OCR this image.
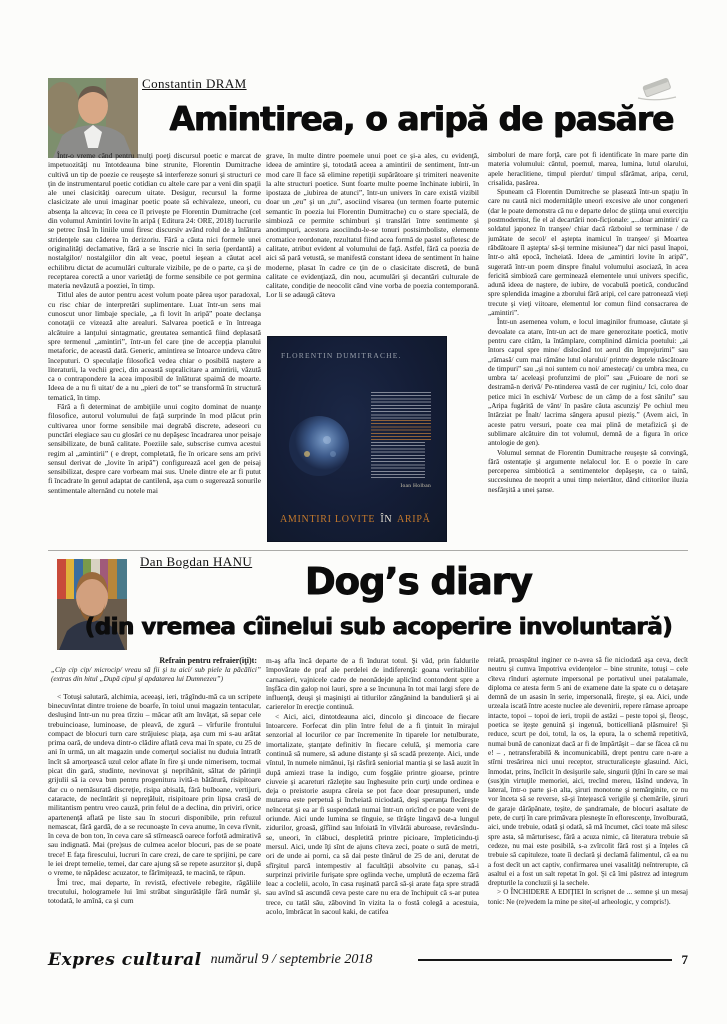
Constantin DRAM
Amintirea, o aripă de pasăre

Într-o vreme când pentru mulţi poeţi discursul poetic e marcat de impetuozităţi nu întotdeauna bine strunite, Florentin Dumitrache cultivă un tip de poezie ce reuşeşte să interfereze sonuri şi structuri ce ţin de instrumentarul poetic cotidian cu altele care par a veni din spaţii ale unei clasicităţi oarecum uitate. Desigur, recursul la forme clasicizate ale unui imaginar poetic poate să echivaleze, uneori, cu absenţa la altceva; în ceea ce îl priveşte pe Florentin Dumitrache (cel din volumul Amintiri lovite în aripă ( Editura 24: ORE, 2018) lucrurile se petrec însă în liniile unui firesc discursiv având rolul de a înlătura stridenţele sau căderea în derizoriu. Fără a căuta nici formele unei originalităţi declamative, fără a se înscrie nici în seria (perdantă) a nostalgilor/ nostalgiilor din alt veac, poetul ieşean a căutat acel echilibru dictat de acumulări culturale vizibile, pe de o parte, ca şi de receptarea corectă a unor varietăţi de forme sensibile ce pot germina materia nevăzută a poeziei, în timp.

Titlul ales de autor pentru acest volum poate părea uşor paradoxal, cu risc chiar de interpretări suplimentare. Luat într-un sens mai cunoscut unor limbaje speciale, „a fi lovit în aripă” poate declanşa conotaţii ce vizează alte arealuri. Salvarea poetică e în întreaga alcătuire a lanţului sintagmatic, greutatea semantică fiind deplasată spre termenul „amintiri”, într-un fel care ţine de accepţia planului metaforic, de această dată. Generic, amintirea se întoarce undeva către începuturi. O speculaţie filosofică vedea chiar o posibilă naştere a literaturii, la vechii greci, din această supralicitare a amintirii, văzută ca o contrapondere la acea imposibil de înlăturat spaimă de moarte. Ideea de a nu fi uitat/ de a nu „pieri de tot” se transformă în structură tematică, în timp.

Fără a fi determinat de ambiţiile unui cogito dominat de nuanţe filosofice, autorul volumului de faţă surprinde în mod plăcut prin cultivarea unor forme sensibile mai degrabă discrete, adeseori cu punctări elegiace sau cu glosări ce nu depăşesc încadrarea unor peisaje sensibilizate, de bună calitate. Poeziile sale, subscrise cumva acestui regim al „amintirii” ( e drept, completată, fie în oricare sens am privi sensul derivat de „lovite în aripă”) configurează acel gen de peisaj sensibilizat, despre care vorbeam mai sus. Unele dintre ele ar fi putut fi încadrate în genul adaptat de cantilenă, aşa cum o sugerează sonurile sentimentale alternând cu notele mai

grave, în multe dintre poemele unui poet ce şi-a ales, cu evidenţă, ideea de amintire şi, totodată aceea a amintirii de sentiment, într-un mod care îl face să elimine repetiţii supărătoare şi trimiteri neavenite la alte structuri poetice. Sunt foarte multe poeme închinate iubirii, în ipostaza de „iubirea de atunci”, într-un univers în care există vizibil doar un „eu” şi un „tu”, asociind visarea (un termen foarte puternic semantic în poezia lui Florentin Dumitrache) cu o stare specială, de simbioză ce permite schimburi şi translări între sentimente şi anotimpuri, acestora asociindu-le-se tonuri postsimboliste, elemente cromatice reordonate, rezultatul fiind acea formă de pastel sufletesc de calitate, atribut evident al volumului de faţă. Astfel, fără ca poezia de aici să pară vetustă, se manifestă constant ideea de sentiment în haine moderne, plasat în cadre ce ţin de o clasicitate discretă, de bună calitate ce evidenţiază, din nou, acumulări şi decantări culturale de calitate, condiţie de neocolit când vine vorba de poezia contemporană. Lor li se adaugă câteva

simboluri de mare forţă, care pot fi identificate în mare parte din materia volumului: cântul, poemul, marea, lumina, lutul olarului, apele heraclitiene, timpul pierdut/ timpul sfărâmat, aripa, cerul, crisalida, pasărea.

Spuneam că Florentin Dumitreche se plasează într-un spaţiu în care nu caută nici modernităţile uneori excesive ale unor congeneri (dar le poate demonstra că nu e departe deloc de ştiinţa unui exerciţiu postmodernist, fie el al decartării non-ficţionale: „...doar amintiri/ ca soldatul japonez în tranşee/ chiar dacă războiul se terminase / de jumătate de secol/ el aştepta inamicul în tranşee/ şi Moartea răbdătoare îl aştepta/ să-şi termine misiunea”) dar nici pasul înapoi, într-o altă epocă, încheiată. Ideea de „amintiri lovite în aripă”, sugerată într-un poem dinspre finalul volumului asociază, în acea fericită simbioză care germinează elementele unui univers specific, adună ideea de naştere, de iubire, de vocabulă poetică, conducând spre splendida imagine a zborului fără aripi, cel care patronează vieţi trecute şi vieţi viitoare, elementul lor comun fiind consacrarea de „amintiri”.

Într-un asemenea volum, e locul imaginilor frumoase, căutate şi devoalate ca atare, într-un act de mare generozitate poetică, motiv pentru care cităm, la întâmplare, complinind dărnicia poetului: „ai întors capul spre mine/ dislocând tot aerul din împrejurimi” sau „rămasă/ cum mai rămâne lutul olarului/ printre degetele născătoare de timpuri” sau „şi noi suntem cu noi/ amestecaţi/ cu umbra mea, cu umbra ta/ aceleaşi profunzimi de ploi” sau „Fuioare de nori se destramă-n derivă/ Pe-ntinderea vastă de cer ruginiu,/ Ici, colo doar petice mici în eschivă/ Vorbesc de un câmp de a fost sânilu” sau „Aripa fugărită de vânt/ în pasăre căuta ascunziş/ Pe ochiul meu întârziat pe Înalt/ lacrima sângera apusul pieziş.” (Avem aici, în aceste patru versuri, poate cea mai plină de metafizică şi de sublimare alcătuire din tot volumul, demnă de a figura în orice antologie de gen).

Volumul semnat de Florentin Dumitrache reuşeşte să convingă, fără ostentaţie şi argumente nelalocul lor. E o poezie în care perceperea simbiotică a sentimentelor depăşeşte, ca o taină, succesiunea de neoprit a unui timp neiertător, dând cititorilor iluzia nesfârşită a unei şanse.

FLORENTIN DUMITRACHE.
Ioan Holban
AMINTIRI LOVITE ÎN ARIPĂ
Dan Bogdan HANU	Dog’s diary
(din vremea cîinelui sub acoperire involuntară)
Refrain pentru refraier(iţi)t:
„Cip cip cip/ microcip/ vreau să fii şi tu aici/ sub piele la păcălici” (extras din hitul „După cipul şi apdatarea lui Dumnezeu”)

< Totuşi salutară, alchimia, aceeaşi, ieri, trăgîndu-mă ca un scripete binecuvîntat dintre troiene de boarfe, în toiul unui magazin tentacular, desluşind într-un nu prea tîrziu – măcar atît am învăţat, să separ cele trebuincioase, luminoase, de pleavă, de zgură – vîrfurile frontului compact de blocuri turn care străjuiesc piaţa, aşa cum mi s-au arătat prima oară, de undeva dintr-o clădire aflată ceva mai în spate, cu 25 de ani în urmă, un alt magazin unde comerţul socialist nu duduia întratît încît să amorţească uzul celor aflate în fire şi unde nimerisem, tocmai picat din gară, studinte, nevinovat şi neprihănit, săltat de părinţii grijulii să ia ceva bun pentru progenitura ivită-n bătătură, risipitoare dar cu o nemăsurată discreţie, risipa abisală, fără bulboane, vertijuri, cataracte, de necîntărit şi nepreţăluit, risipitoare prin lipsa crasă de militantism pentru vreo cauză, prin felul de a declina, din priviri, orice apartenenţă aflată pe liste sau în stocuri disponibile, prin refuzul nemascat, fără gardă, de a se recunoaşte în ceva anume, în ceva rîvnit, în ceva de bon ton, în ceva care să stîrnească oarece forfotă admirativă sau indignată. Mai (pre)sus de culmea acelor blocuri, pas de se poate trece! E faţa firescului, lucruri în care crezi, de care te sprijini, pe care le iei drept temelie, temei, dar care ajung să se repete asurzitor şi, după o vreme, te năpădesc acuzator, te fărîmiţează, te macină, te răpun.

Îmi trec, mai departe, în revistă, efectivele rebegite, răgăliile trecutului, hologramele lui îmi străbat singurătăţile fără număr şi, totodată, le amînă, ca şi cum

m-aş afla încă departe de a fi îndurat totul. Şi văd, prin faldurile împovărate de praf ale perdelei de indiferenţă: goana veritabililor carnasieri, vajnicele cadre de neonădejde aplicînd contondent spre a înşfăca din galop noi lauri, spre a se încununa în tot mai largi sfere de influenţă, deuşi şi maşinişti ai titlurilor zăngănind la bandulieră şi ai carierelor în erecţie continuă.

< Aici, aici, dintotdeauna aici, dincolo şi dincoace de fiecare întoarcere. Forfecat din plin între felul de a fi ţintuit în mirajul senzorial al locurilor ce par încremenite în tiparele lor netulburate, imortalizate, ştanţate definitiv în fiecare celulă, şi memoria care continuă să numere, să adune distanţe şi să scadă prezenţe. Aici, unde vîntul, în numele nimănui, îşi răsfiră seniorial mantia şi se lasă auzit în după amiezi trase la indigo, cum foşgăie printre gioarse, printre ciuveie şi acareturi răzleţite sau înghesuite prin curţi unde ordinea e deja o preistorie asupra căreia se pot face doar presupuneri, unde mutarea este perpetuă şi încheiată niciodată, deşi speranţa flecăreşte neîncetat şi ea ar fi suspendată numai într-un oricînd ce poate veni de oriunde. Aici unde lumina se tînguie, se tîrăşte lingavă de-a lungul zidurilor, groasă, gîfîind sau înfoiată în vîlvătăi aburoase, revărsîndu-se, uneori, în clăbuci, despletită printre picioare, împleticindu-ţi mersul. Aici, unde îţi sînt de ajuns cîteva zeci, poate o sută de metri, ori de unde ai porni, ca să dai peste tînărul de 25 de ani, derutat de sfîrşitul parcă intempestiv al facultăţii absolvite cu panaş, să-i surprinzi privirile furişate spre oglinda veche, umplută de eczema fără leac a coclelii, acolo, în casa ruşinată parcă să-şi arate faţa spre stradă sau avînd să ascundă ceva peste care nu era de închipuit că s-ar putea trece, cu tatăl său, zăbovind în vizita la o fostă colegă a acestuia, acolo, îmbrăcat în sacoul kaki, de catifea

reiată, proaspătul inginer ce n-avea să fie niciodată aşa ceva, decît neutru şi cumva împotriva evidenţelor – bine strunite, totuşi – cele cîteva rînduri aşternute impersonal pe portativul unei patalamale, diploma ce atesta ferm 5 ani de examene date la spate cu o detaşare demnă de un asasin în serie, impersonală, fireşte, şi ea. Aici, unde urzeala iscată între aceste nuclee ale devenirii, repere rămase aproape intacte, topoi – topoi de ieri, tropii de astăzi – peste topoi şi, fleoşc, poetica se iţeşte genuină şi ingenuă, botticelliană plăsmuire! Şi reduce, scurt pe doi, totul, la os, la epura, la o schemă repetitivă, numai bună de canonizat dacă ar fi de împărtăşit – dar se făcea că nu e! – , netransferabilă & incomunicabilă, drept pentru care n-are a stîrni tresărirea nici unui receptor, structuraliceşte glasuind. Aici, înmodat, prins, încîlcit în desişurile sale, singurii ţîţîni în care se mai (sus)ţin virtuţile memoriei, aici, trecînd mereu, lăsînd undeva, în lateral, într-o parte şi-n alta, şiruri monotone şi nemărginite, ce nu vor înceta să se reverse, să-şi înteţească verigile şi chemările, şiruri de garaje dărăpănate, teşite, de şandramale, de blocuri asaltate de pete, de curţi în care primăvara plesneşte în eflorescenţe, învolburată, aici, unde trebuie, odată şi odată, să mă încumet, căci toate mă silesc spre asta, să mărturisesc, fără a acuza nimic, că literatura trebuie să cedeze, nu mai este posibilă, s-a zvîrcolit fără rost şi a înţeles că trebuie să capituleze, toate îi declară şi declamă falimentul, că ea nu a fost decît un act captiv, confirmarea unei vasalităţi neîntrerupte, că asaltul ei a fost un salt repetat în gol. Şi că îmi păstrez ad integrum drepturile la concluzii şi la sechele.

> O ÎNCHIDERE A EDIŢIEI în scrişnet de ... semne şi un mesaj tonic: Ne (re)vedem la mine pe site(-ul arheologic, y compris!).

Expres cultural numărul 9 / septembrie 2018	7
